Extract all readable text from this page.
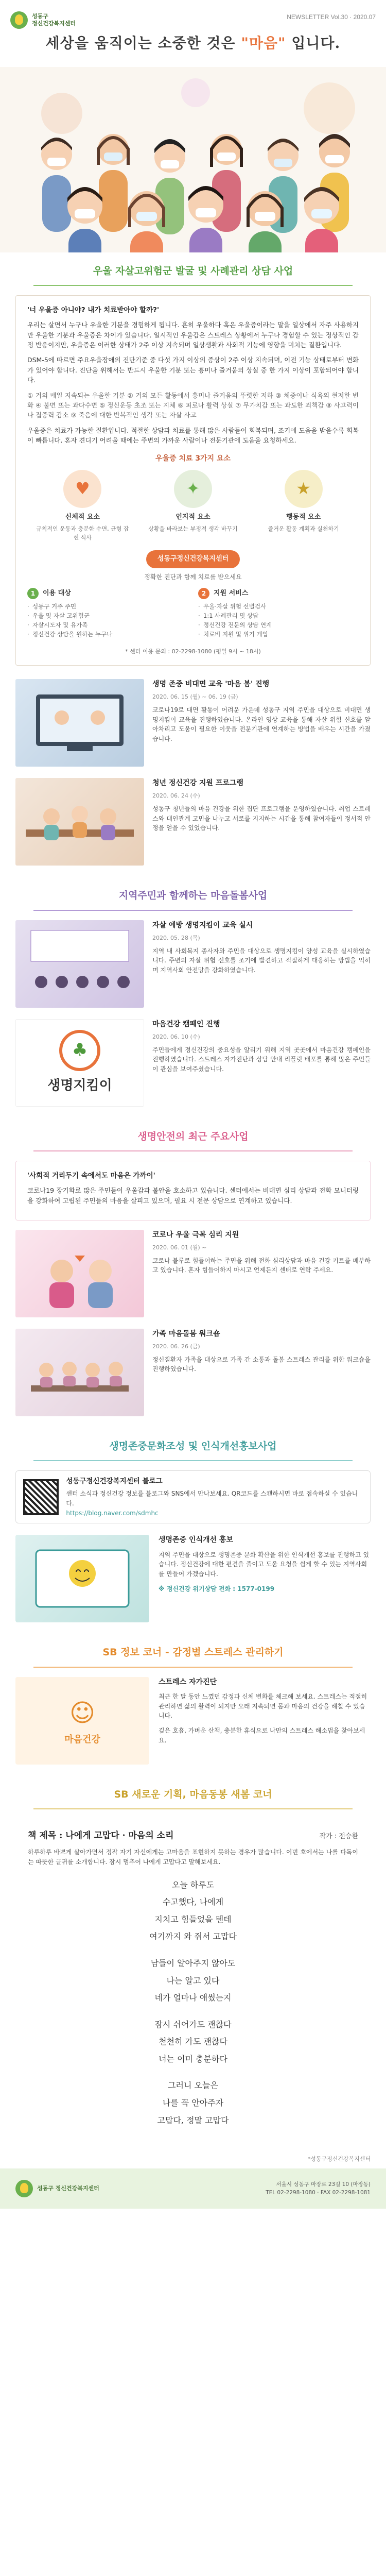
성동구
정신건강복지센터
NEWSLETTER Vol.30 · 2020.07
세상을 움직이는 소중한 것은 "마음" 입니다.
우울 자살고위험군 발굴 및 사례관리 상담 사업
'너 우울증 아니야? 내가 치료받아야 할까?'

우리는 살면서 누구나 우울한 기분을 경험하게 됩니다. 흔히 우울하다 혹은 우울증이라는 말을 일상에서 자주 사용하지만 우울한 기분과 우울증은 차이가 있습니다. 일시적인 우울감은 스트레스 상황에서 누구나 경험할 수 있는 정상적인 감정 반응이지만, 우울증은 이러한 상태가 2주 이상 지속되며 일상생활과 사회적 기능에 영향을 미치는 질환입니다.

DSM-5에 따르면 주요우울장애의 진단기준 중 다섯 가지 이상의 증상이 2주 이상 지속되며, 이전 기능 상태로부터 변화가 있어야 합니다. 진단을 위해서는 반드시 우울한 기분 또는 흥미나 즐거움의 상실 중 한 가지 이상이 포함되어야 합니다.

① 거의 매일 지속되는 우울한 기분 ② 거의 모든 활동에서 흥미나 즐거움의 뚜렷한 저하 ③ 체중이나 식욕의 현저한 변화 ④ 불면 또는 과다수면 ⑤ 정신운동 초조 또는 지체 ⑥ 피로나 활력 상실 ⑦ 무가치감 또는 과도한 죄책감 ⑧ 사고력이나 집중력 감소 ⑨ 죽음에 대한 반복적인 생각 또는 자살 사고

우울증은 치료가 가능한 질환입니다. 적절한 상담과 치료를 통해 많은 사람들이 회복되며, 조기에 도움을 받을수록 회복이 빠릅니다. 혼자 견디기 어려울 때에는 주변의 가까운 사람이나 전문기관에 도움을 요청하세요.

우울증 치료 3가지 요소
♥
신체적 요소
규칙적인 운동과 충분한 수면, 균형 잡힌 식사
✦
인지적 요소
상황을 바라보는 부정적 생각 바꾸기
★
행동적 요소
즐거운 활동 계획과 실천하기
성동구정신건강복지센터
정확한 진단과 함께 치료를 받으세요
1	이용 대상
· 성동구 거주 주민
· 우울 및 자살 고위험군
· 자살시도자 및 유가족
· 정신건강 상담을 원하는 누구나
2	지원 서비스
· 우울·자살 위험 선별검사
· 1:1 사례관리 및 상담
· 정신건강 전문의 상담 연계
· 치료비 지원 및 위기 개입
* 센터 이용 문의 : 02-2298-1080 (평일 9시 ~ 18시)
생명 존중 비대면 교육 '마음 봄' 진행
2020. 06. 15 (월) ~ 06. 19 (금)
코로나19로 대면 활동이 어려운 가운데 성동구 지역 주민을 대상으로 비대면 생명지킴이 교육을 진행하였습니다. 온라인 영상 교육을 통해 자살 위험 신호를 알아차리고 도움이 필요한 이웃을 전문기관에 연계하는 방법을 배우는 시간을 가졌습니다.
청년 정신건강 지원 프로그램
2020. 06. 24 (수)
성동구 청년들의 마음 건강을 위한 집단 프로그램을 운영하였습니다. 취업 스트레스와 대인관계 고민을 나누고 서로를 지지하는 시간을 통해 참여자들이 정서적 안정을 얻을 수 있었습니다.
지역주민과 함께하는 마음돌봄사업
자살 예방 생명지킴이 교육 실시
2020. 05. 28 (목)
지역 내 사회복지 종사자와 주민을 대상으로 생명지킴이 양성 교육을 실시하였습니다. 주변의 자살 위험 신호를 조기에 발견하고 적절하게 대응하는 방법을 익히며 지역사회 안전망을 강화하였습니다.
♣
생명지킴이
마음건강 캠페인 진행
2020. 06. 10 (수)
주민들에게 정신건강의 중요성을 알리기 위해 지역 곳곳에서 마음건강 캠페인을 진행하였습니다. 스트레스 자가진단과 상담 안내 리플릿 배포를 통해 많은 주민들이 관심을 보여주셨습니다.
생명안전의 최근 주요사업
'사회적 거리두기 속에서도 마음은 가까이'

코로나19 장기화로 많은 주민들이 우울감과 불안을 호소하고 있습니다. 센터에서는 비대면 심리 상담과 전화 모니터링을 강화하여 고립된 주민들의 마음을 살피고 있으며, 필요 시 전문 상담으로 연계하고 있습니다.

코로나 우울 극복 심리 지원
2020. 06. 01 (월) ~
코로나 블루로 힘들어하는 주민을 위해 전화 심리상담과 마음 건강 키트를 배부하고 있습니다. 혼자 힘들어하지 마시고 언제든지 센터로 연락 주세요.
가족 마음돌봄 워크숍
2020. 06. 26 (금)
정신질환자 가족을 대상으로 가족 간 소통과 돌봄 스트레스 관리를 위한 워크숍을 진행하였습니다.
생명존중문화조성 및 인식개선홍보사업
성동구정신건강복지센터 블로그
센터 소식과 정신건강 정보를 블로그와 SNS에서 만나보세요. QR코드를 스캔하시면 바로 접속하실 수 있습니다.
https://blog.naver.com/sdmhc
생명존중 인식개선 홍보

지역 주민을 대상으로 생명존중 문화 확산을 위한 인식개선 홍보를 진행하고 있습니다. 정신건강에 대한 편견을 줄이고 도움 요청을 쉽게 할 수 있는 지역사회를 만들어 가겠습니다.

※ 정신건강 위기상담 전화 : 1577-0199

SB 정보 코너 - 감정별 스트레스 관리하기
☺
마음건강
스트레스 자가진단

최근 한 달 동안 느꼈던 감정과 신체 변화를 체크해 보세요. 스트레스는 적절히 관리하면 삶의 활력이 되지만 오래 지속되면 몸과 마음의 건강을 해칠 수 있습니다.

깊은 호흡, 가벼운 산책, 충분한 휴식으로 나만의 스트레스 해소법을 찾아보세요.

SB 새로운 기획, 마음동봉 새봄 코너
책 제목 : 나에게 고맙다 · 마음의 소리	작가 : 전승환
하루하루 바쁘게 살아가면서 정작 자기 자신에게는 고마움을 표현하지 못하는 경우가 많습니다. 이번 호에서는 나를 다독이는 따뜻한 글귀를 소개합니다. 잠시 멈추어 나에게 고맙다고 말해보세요.
오늘 하루도
수고했다, 나에게
지치고 힘들었을 텐데
여기까지 와 줘서 고맙다
남들이 알아주지 않아도
나는 알고 있다
네가 얼마나 애썼는지
잠시 쉬어가도 괜찮다
천천히 가도 괜찮다
너는 이미 충분하다
그러니 오늘은
나를 꼭 안아주자
고맙다, 정말 고맙다
*성동구정신건강복지센터
성동구 정신건강복지센터
서울시 성동구 마장로 23길 10 (마장동)
TEL 02-2298-1080 · FAX 02-2298-1081
